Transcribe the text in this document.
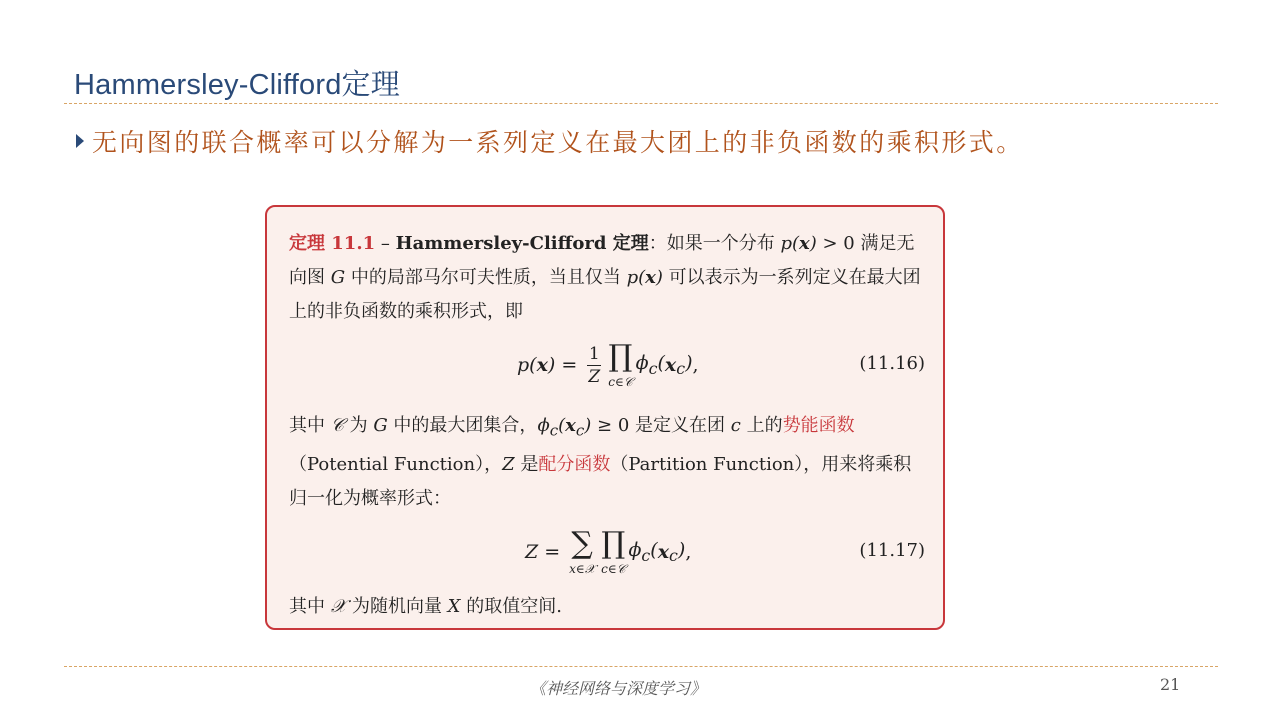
Hammersley-Clifford定理
无向图的联合概率可以分解为一系列定义在最大团上的非负函数的乘积形式。
定理 11.1 – Hammersley-Clifford 定理：如果一个分布 p(x) > 0 满足无向图 G 中的局部马尔可夫性质，当且仅当 p(x) 可以表示为一系列定义在最大团上的非负函数的乘积形式，即
p( x ) = $\frac{1}{Z}$ ∏
c∈𝒞
$\phi_c$( x $_c$) ,	(11.16)
其中 𝒞 为 G 中的最大团集合，$\phi_c(x_c) \ge 0$ 是定义在团 c 上的势能函数（Potential Function），Z 是配分函数（Partition Function），用来将乘积归一化为概率形式：
Z = ∑
x∈𝒳
∏
c∈𝒞
$\phi_c$( x $_c$) ,	(11.17)
其中 𝒳 为随机向量 X 的取值空间.
《神经网络与深度学习》	21
